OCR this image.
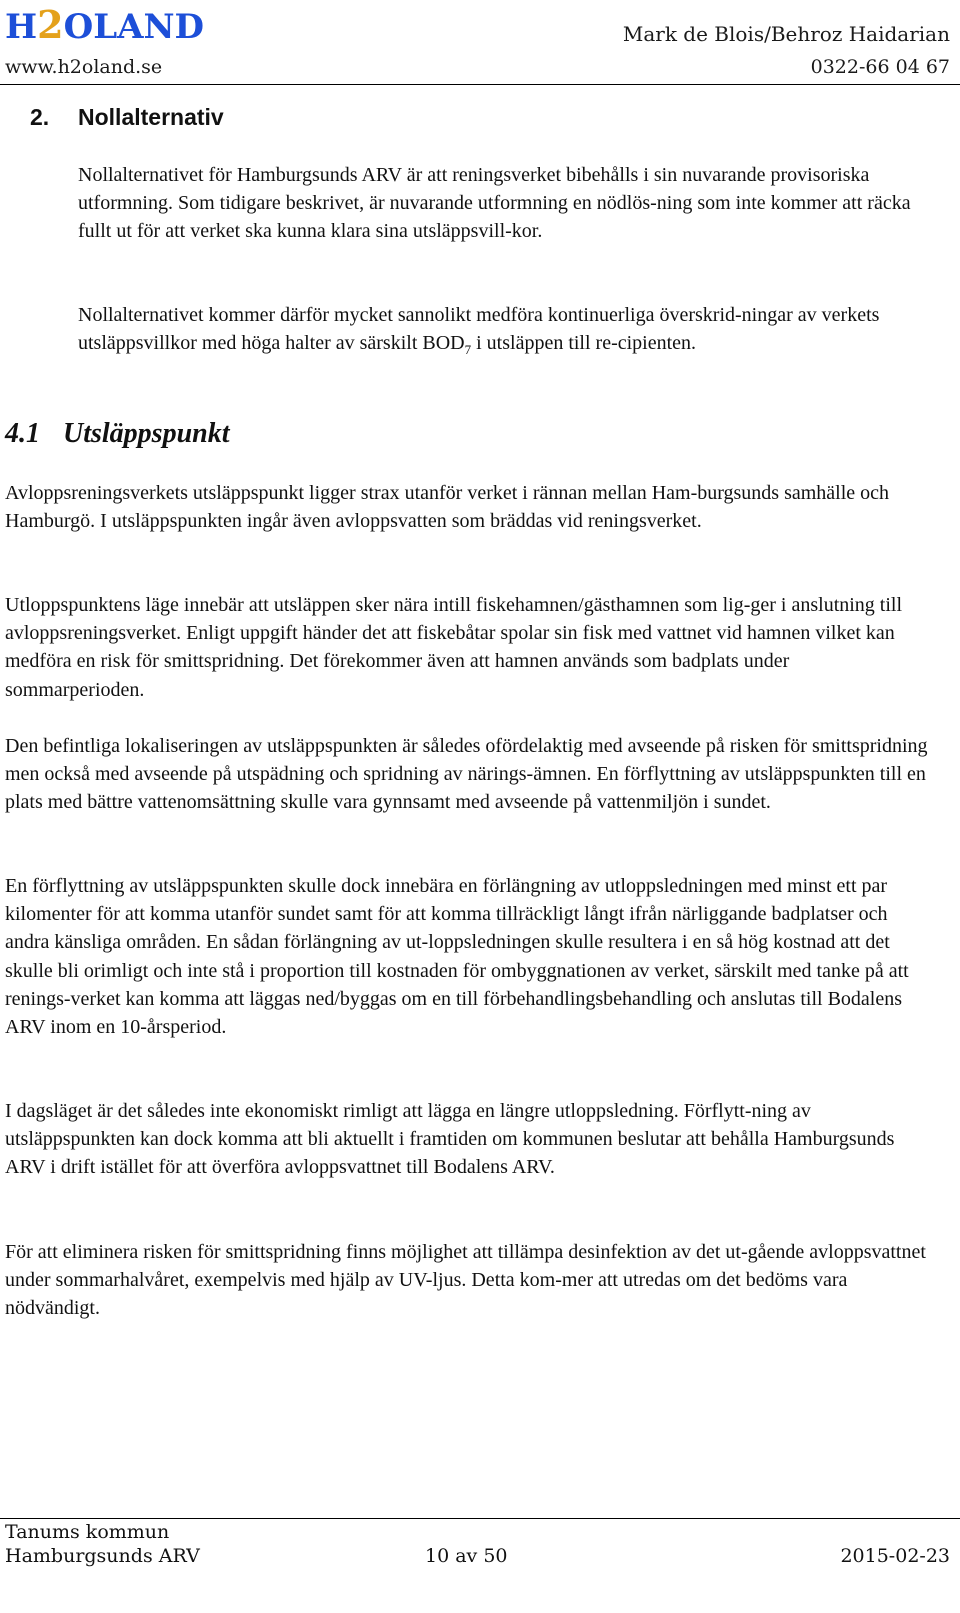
H2OLAND
www.h2oland.se
Mark de Blois/Behroz Haidarian
0322-66 04 67
2. Nollalternativ

Nollalternativet för Hamburgsunds ARV är att reningsverket bibehålls i sin nuvarande provisoriska utformning. Som tidigare beskrivet, är nuvarande utformning en nödlös-ning som inte kommer att räcka fullt ut för att verket ska kunna klara sina utsläppsvill-kor.

Nollalternativet kommer därför mycket sannolikt medföra kontinuerliga överskrid-ningar av verkets utsläppsvillkor med höga halter av särskilt $BOD_7$ i utsläppen till re-cipienten.

4.1 Utsläppspunkt

Avloppsreningsverkets utsläppspunkt ligger strax utanför verket i rännan mellan Ham-burgsunds samhälle och Hamburgö. I utsläppspunkten ingår även avloppsvatten som bräddas vid reningsverket.

Utloppspunktens läge innebär att utsläppen sker nära intill fiskehamnen/gästhamnen som lig-ger i anslutning till avloppsreningsverket. Enligt uppgift händer det att fiskebåtar spolar sin fisk med vattnet vid hamnen vilket kan medföra en risk för smittspridning. Det förekommer även att hamnen används som badplats under sommarperioden.

Den befintliga lokaliseringen av utsläppspunkten är således ofördelaktig med avseende på risken för smittspridning men också med avseende på utspädning och spridning av närings-ämnen. En förflyttning av utsläppspunkten till en plats med bättre vattenomsättning skulle vara gynnsamt med avseende på vattenmiljön i sundet.

En förflyttning av utsläppspunkten skulle dock innebära en förlängning av utloppsledningen med minst ett par kilomenter för att komma utanför sundet samt för att komma tillräckligt långt ifrån närliggande badplatser och andra känsliga områden. En sådan förlängning av ut-loppsledningen skulle resultera i en så hög kostnad att det skulle bli orimligt och inte stå i proportion till kostnaden för ombyggnationen av verket, särskilt med tanke på att renings-verket kan komma att läggas ned/byggas om en till förbehandlingsbehandling och anslutas till Bodalens ARV inom en 10-årsperiod.

I dagsläget är det således inte ekonomiskt rimligt att lägga en längre utloppsledning. Förflytt-ning av utsläppspunkten kan dock komma att bli aktuellt i framtiden om kommunen beslutar att behålla Hamburgsunds ARV i drift istället för att överföra avloppsvattnet till Bodalens ARV.

För att eliminera risken för smittspridning finns möjlighet att tillämpa desinfektion av det ut-gående avloppsvattnet under sommarhalvåret, exempelvis med hjälp av UV-ljus. Detta kom-mer att utredas om det bedöms vara nödvändigt.

Tanums kommun
Hamburgsunds ARV	10 av 50	2015-02-23
